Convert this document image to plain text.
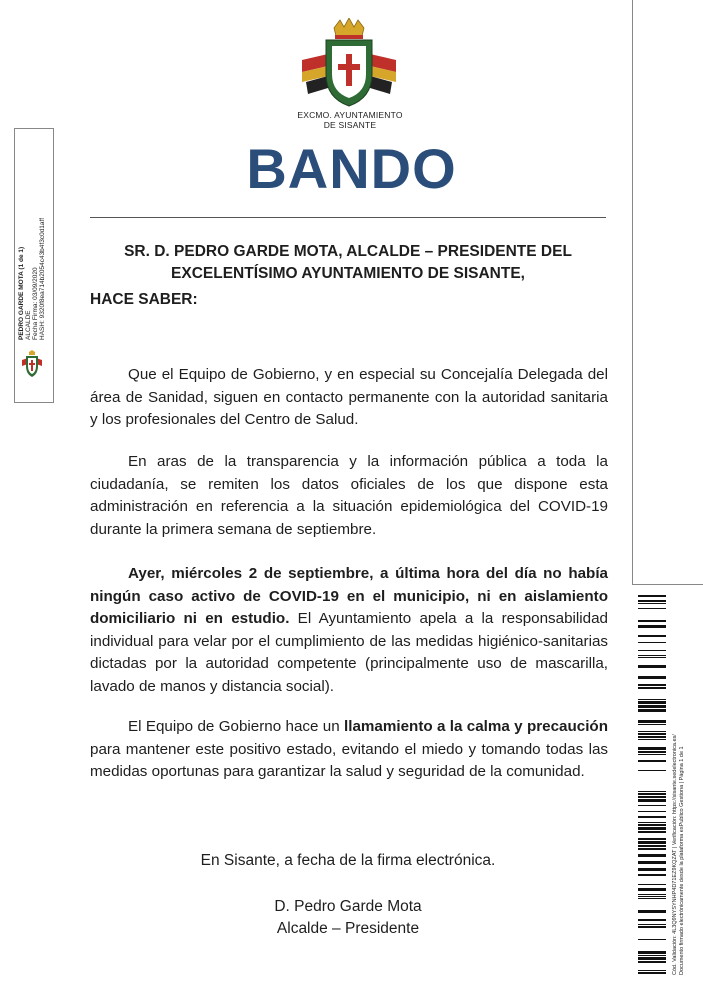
EXCMO. AYUNTAMIENTO
DE SISANTE
BANDO
SR. D. PEDRO GARDE MOTA, ALCALDE – PRESIDENTE DEL
EXCELENTÍSIMO AYUNTAMIENTO DE SISANTE,
HACE SABER:
Que el Equipo de Gobierno, y en especial su Concejalía Delegada del área de Sanidad, siguen en contacto permanente con la autoridad sanitaria y los profesionales del Centro de Salud.
En aras de la transparencia y la información pública a toda la ciudadanía, se remiten los datos oficiales de los que dispone esta administración en referencia a la situación epidemiológica del COVID-19 durante la primera semana de septiembre.
Ayer, miércoles 2 de septiembre, a última hora del día no había ningún caso activo de COVID-19 en el municipio, ni en aislamiento domiciliario ni en estudio. El Ayuntamiento apela a la responsabilidad individual para velar por el cumplimiento de las medidas higiénico-sanitarias dictadas por la autoridad competente (principalmente uso de mascarilla, lavado de manos y distancia social).
El Equipo de Gobierno hace un llamamiento a la calma y precaución para mantener este positivo estado, evitando el miedo y tomando todas las medidas oportunas para garantizar la salud y seguridad de la comunidad.
En Sisante, a fecha de la firma electrónica.
D. Pedro Garde Mota
Alcalde – Presidente
PEDRO GARDE MOTA (1 de 1) ALCALDE Fecha Firma: 03/09/2020 HASH: 9320f8ea714b2054c43b4f3c0d1aff
Cód. Validación: 4L3Q9NYSYNHP4D71EZ9KQZAT | Verificación: https://sisante.sedelectronica.es/ Documento firmado electrónicamente desde la plataforma esPublico Gestiona | Página 1 de 1
